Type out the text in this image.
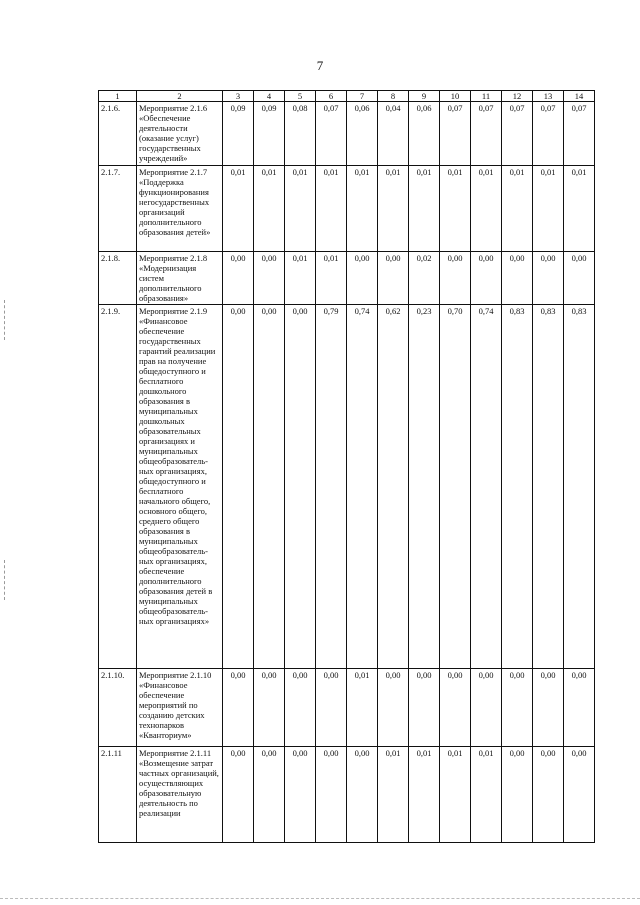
7
1	2	3	4	5	6	7	8	9	10	11	12	13	14
2.1.6.	Мероприятие 2.1.6 «Обеспечение деятельности (оказание услуг) государственных учреждений»	0,09	0,09	0,08	0,07	0,06	0,04	0,06	0,07	0,07	0,07	0,07	0,07
2.1.7.	Мероприятие 2.1.7 «Поддержка функционирования негосударственных организаций дополнительного образования детей»	0,01	0,01	0,01	0,01	0,01	0,01	0,01	0,01	0,01	0,01	0,01	0,01
2.1.8.	Мероприятие 2.1.8 «Модернизация систем дополнительного образования»	0,00	0,00	0,01	0,01	0,00	0,00	0,02	0,00	0,00	0,00	0,00	0,00
2.1.9.	Мероприятие 2.1.9 «Финансовое обеспечение государственных гарантий реализации прав на получение общедоступного и бесплатного дошкольного образования в муниципальных дошкольных образовательных организациях и муниципальных общеобразователь-ных организациях, общедоступного и бесплатного начального общего, основного общего, среднего общего образования в муниципальных общеобразователь-ных организациях, обеспечение дополнительного образования детей в муниципальных общеобразователь-ных организациях»	0,00	0,00	0,00	0,79	0,74	0,62	0,23	0,70	0,74	0,83	0,83	0,83
2.1.10.	Мероприятие 2.1.10 «Финансовое обеспечение мероприятий по созданию детских технопарков «Кванториум»	0,00	0,00	0,00	0,00	0,01	0,00	0,00	0,00	0,00	0,00	0,00	0,00
2.1.11	Мероприятие 2.1.11 «Возмещение затрат частных организаций, осуществляющих образовательную деятельность по реализации	0,00	0,00	0,00	0,00	0,00	0,01	0,01	0,01	0,01	0,00	0,00	0,00
